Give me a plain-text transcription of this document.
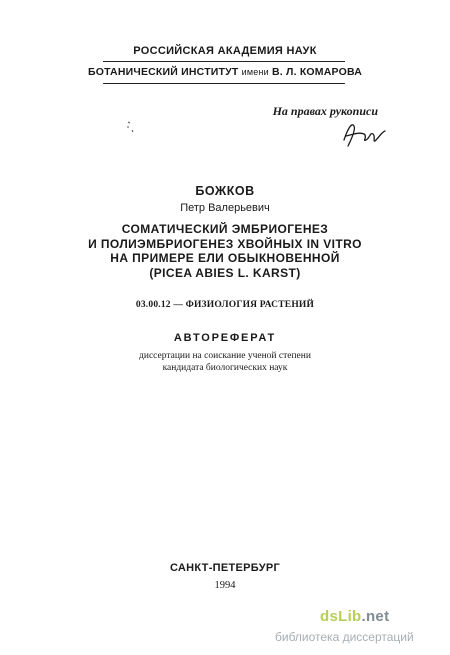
РОССИЙСКАЯ АКАДЕМИЯ НАУК
БОТАНИЧЕСКИЙ ИНСТИТУТ имени В. Л. КОМАРОВА
На правах рукописи
БОЖКОВ
Петр Валерьевич
СОМАТИЧЕСКИЙ ЭМБРИОГЕНЕЗ
И ПОЛИЭМБРИОГЕНЕЗ ХВОЙНЫХ IN VITRO
НА ПРИМЕРЕ ЕЛИ ОБЫКНОВЕННОЙ
(PICEA ABIES L. KARST)
03.00.12 — ФИЗИОЛОГИЯ РАСТЕНИЙ
АВТОРЕФЕРАТ
диссертации на соискание ученой степени
кандидата биологических наук
САНКТ-ПЕТЕРБУРГ
1994
dsLib.net
библиотека диссертаций
